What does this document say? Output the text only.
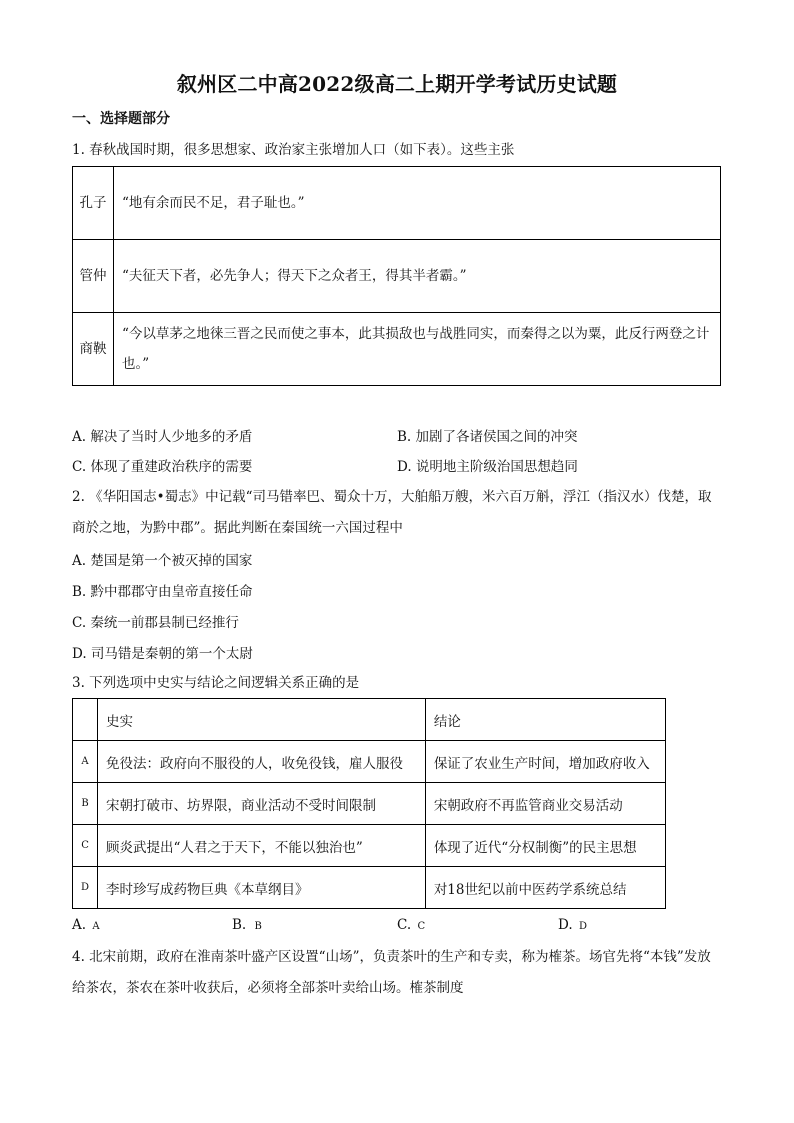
叙州区二中高2022级高二上期开学考试历史试题
一、选择题部分
1. 春秋战国时期，很多思想家、政治家主张增加人口（如下表）。这些主张
孔子	“地有余而民不足，君子耻也。”
管仲	“夫征天下者，必先争人；得天下之众者王，得其半者霸。”
商鞅	“今以草茅之地徕三晋之民而使之事本，此其损敌也与战胜同实，而秦得之以为粟，此反行两登之计也。”
A. 解决了当时人少地多的矛盾	B. 加剧了各诸侯国之间的冲突
C. 体现了重建政治秩序的需要	D. 说明地主阶级治国思想趋同
2. 《华阳国志•蜀志》中记载“司马错率巴、蜀众十万，大舶船万艘，米六百万斛，浮江（指汉水）伐楚，取商於之地，为黔中郡”。据此判断在秦国统一六国过程中
A. 楚国是第一个被灭掉的国家
B. 黔中郡郡守由皇帝直接任命
C. 秦统一前郡县制已经推行
D. 司马错是秦朝的第一个太尉
3. 下列选项中史实与结论之间逻辑关系正确的是
	史实	结论
A	免役法：政府向不服役的人，收免役钱，雇人服役	保证了农业生产时间，增加政府收入
B	宋朝打破市、坊界限，商业活动不受时间限制	宋朝政府不再监管商业交易活动
C	顾炎武提出“人君之于天下，不能以独治也”	体现了近代“分权制衡”的民主思想
D	李时珍写成药物巨典《本草纲目》	对18世纪以前中医药学系统总结
A. A	B. B	C. C	D. D
4. 北宋前期，政府在淮南茶叶盛产区设置“山场”，负责茶叶的生产和专卖，称为榷茶。场官先将“本钱”发放给茶农，茶农在茶叶收获后，必须将全部茶叶卖给山场。榷茶制度
